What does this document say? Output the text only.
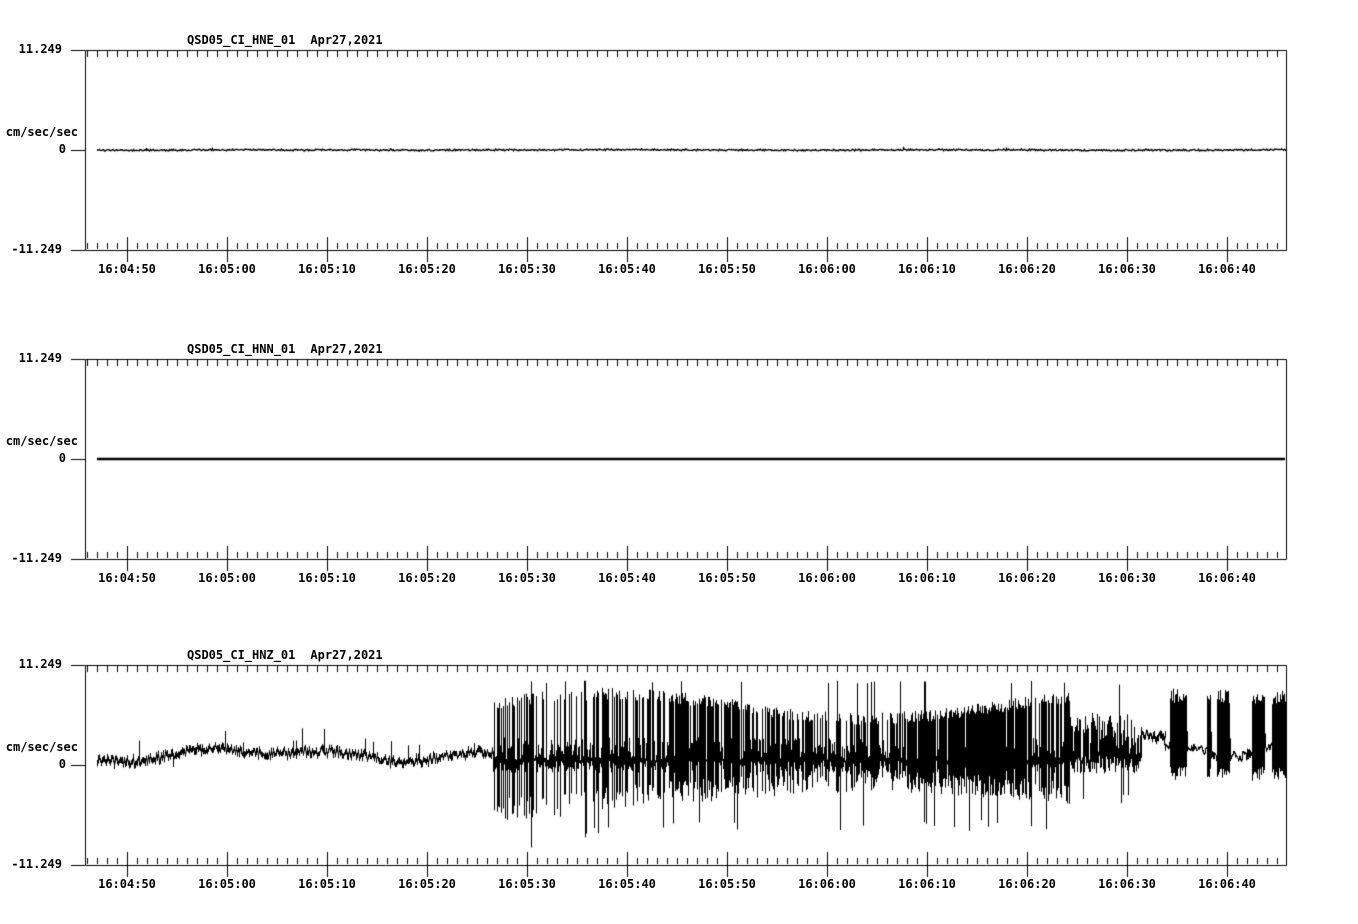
QSD05_CI_HNE_01 Apr27,2021
11.249
cm/sec/sec
0
-11.249
16:04:50	16:05:00	16:05:10	16:05:20	16:05:30	16:05:40	16:05:50	16:06:00	16:06:10	16:06:20	16:06:30	16:06:40
QSD05_CI_HNN_01 Apr27,2021
11.249
cm/sec/sec
0
-11.249
16:04:50	16:05:00	16:05:10	16:05:20	16:05:30	16:05:40	16:05:50	16:06:00	16:06:10	16:06:20	16:06:30	16:06:40
QSD05_CI_HNZ_01 Apr27,2021
11.249
cm/sec/sec
0
-11.249
16:04:50	16:05:00	16:05:10	16:05:20	16:05:30	16:05:40	16:05:50	16:06:00	16:06:10	16:06:20	16:06:30	16:06:40
